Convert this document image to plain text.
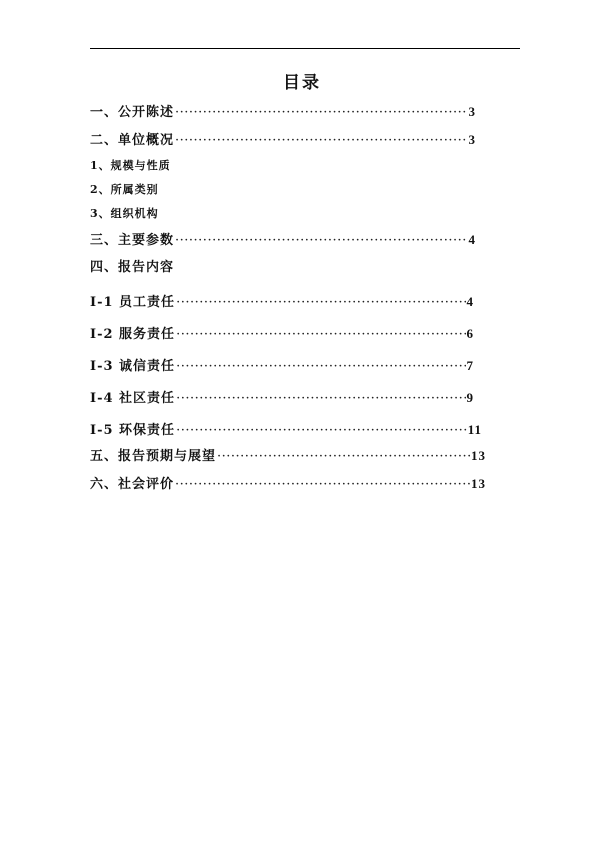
目录
一、公开陈述 ·····	3
二、单位概况 ·····	3
1、规模与性质
2、所属类别
3、组织机构
三、主要参数 ·····	4
四、报告内容
I-1 员工责任 ·····	4
I-2 服务责任 ·····	6
I-3 诚信责任 ·····	7
I-4 社区责任 ·····	9
I-5 环保责任 ·····	11
五、报告预期与展望 ·····	13
六、社会评价 ·····	13
